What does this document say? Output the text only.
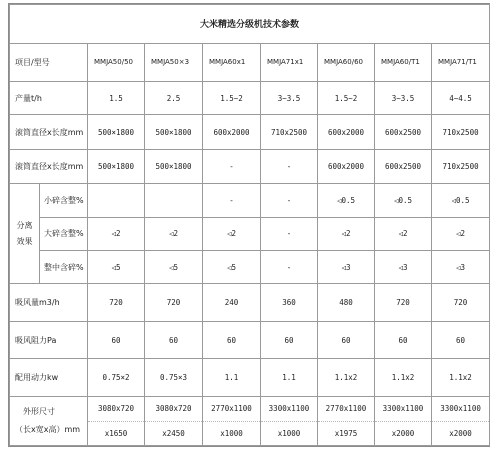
大米精选分级机技术参数								
项目/型号		MMJA50/50	MMJA50×3	MMJA60x1	MMJA71x1	MMJA60/60	MMJA60/T1	MMJA71/T1
产量t/h		1.5	2.5	1.5~2	3~3.5	1.5~2	3~3.5	4~4.5
滚筒直径x长度mm		500×1800	500×1800	600x2000	710x2500	600x2000	600x2500	710x2500
滚筒直径x长度mm		500×1800	500×1800	-	-	600x2000	600x2500	710x2500
分离
效果	小碎含整%			-	-	◁0.5	◁0.5	◁0.5
	大碎含整%	◁2	◁2	◁2	-	◁2	◁2	◁2
	整中含碎%	◁5	◁5	◁5	-	◁3	◁3	◁3
吸风量m3/h		720	720	240	360	480	720	720
吸风阻力Pa		60	60	60	60	60	60	60
配用动力kw		0.75×2	0.75×3	1.1	1.1	1.1x2	1.1x2	1.1x2
外形尺寸
（长x宽x高）mm		3080x720	3080x720	2770x1100	3300x1100	2770x1100	3300x1100	3300x1100
		x1650	x2450	x1000	x1000	x1975	x2000	x2000
